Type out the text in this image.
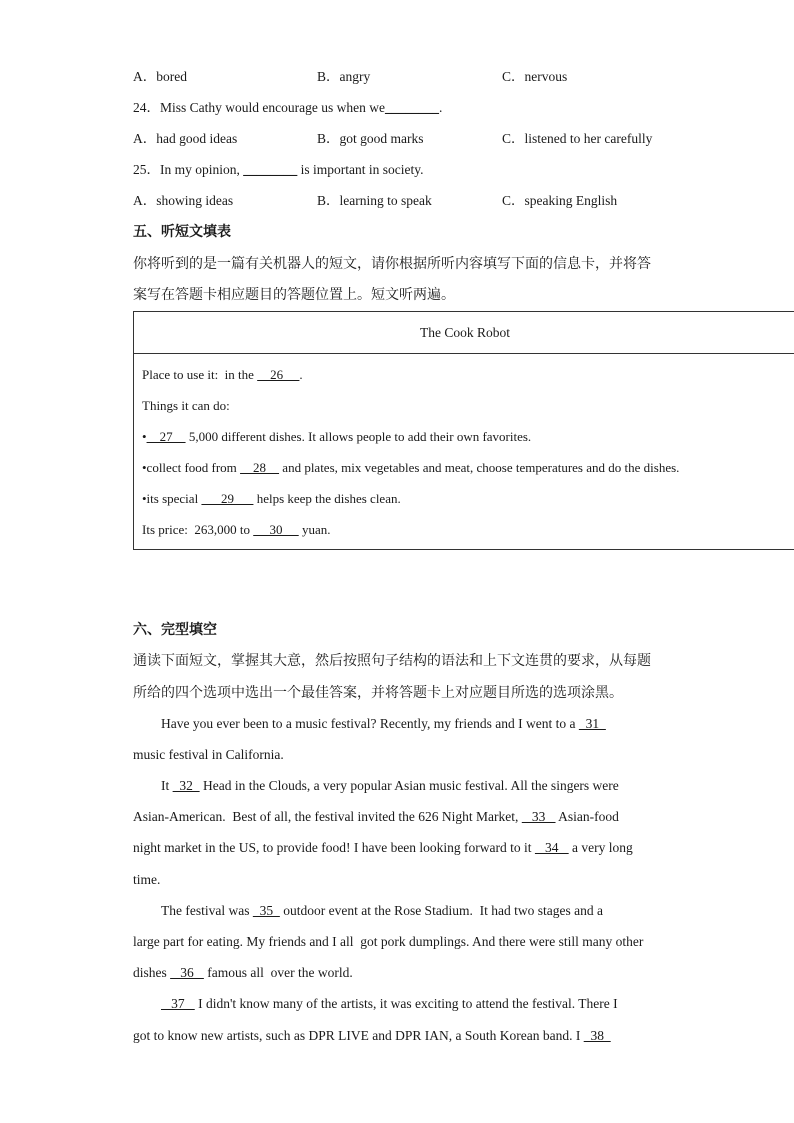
A．bored	B．angry	C．nervous
24．Miss Cathy would encourage us when we________.
A．had good ideas	B．got good marks	C．listened to her carefully
25．In my opinion, ________ is important in society.
A．showing ideas	B．learning to speak	C．speaking English
五、听短文填表
你将听到的是一篇有关机器人的短文，请你根据所听内容填写下面的信息卡，并将答
案写在答题卡相应题目的答题位置上。短文听两遍。
The Cook Robot
Place to use it:  in the     26     .
Things it can do:
•    27     5,000 different dishes. It allows people to add their own favorites.
•collect food from     28     and plates, mix vegetables and meat, choose temperatures and do the dishes.
•its special       29       helps keep the dishes clean.
Its price:  263,000 to      30      yuan.
六、完型填空
通读下面短文，掌握其大意，然后按照句子结构的语法和上下文连贯的要求，从每题
所给的四个选项中选出一个最佳答案，并将答题卡上对应题目所选的选项涂黑。
Have you ever been to a music festival? Recently, my friends and I went to a   31
music festival in California.
It   32   Head in the Clouds, a very popular Asian music festival. All the singers were
Asian-American.  Best of all, the festival invited the 626 Night Market,    33    Asian-food
night market in the US, to provide food! I have been looking forward to it    34    a very long
time.
The festival was   35   outdoor event at the Rose Stadium.  It had two stages and a
large part for eating. My friends and I all  got pork dumplings. And there were still many other
dishes    36    famous all  over the world.
37    I didn't know many of the artists, it was exciting to attend the festival. There I
got to know new artists, such as DPR LIVE and DPR IAN, a South Korean band. I   38
